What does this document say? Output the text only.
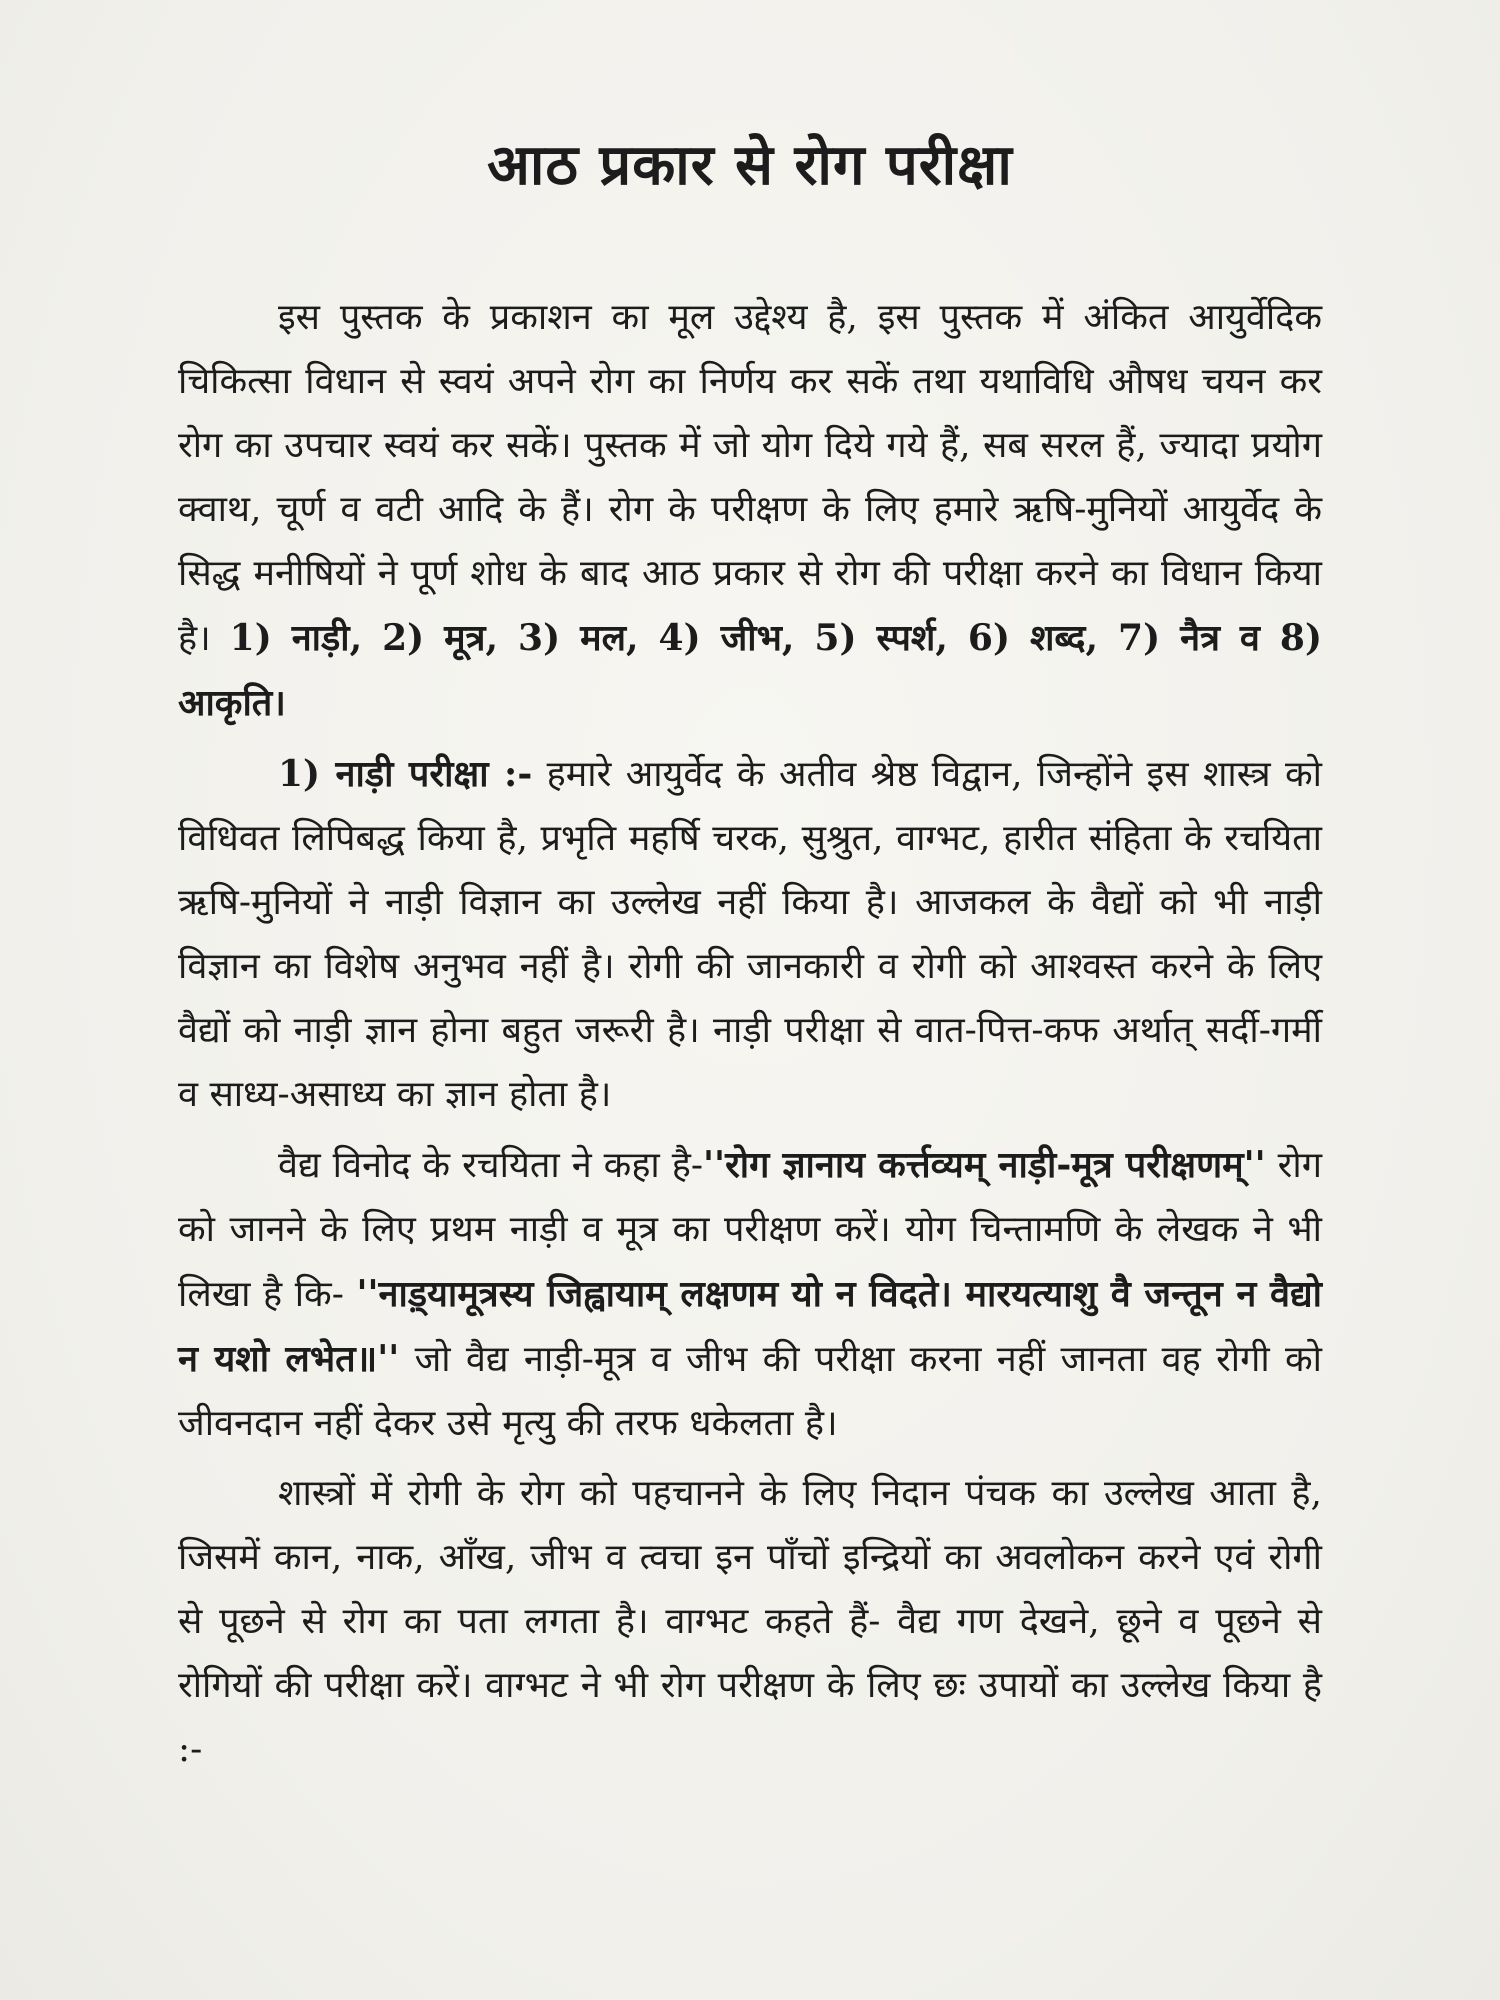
आठ प्रकार से रोग परीक्षा

इस पुस्तक के प्रकाशन का मूल उद्देश्य है, इस पुस्तक में अंकित आयुर्वेदिक चिकित्सा विधान से स्वयं अपने रोग का निर्णय कर सकें तथा यथाविधि औषध चयन कर रोग का उपचार स्वयं कर सकें। पुस्तक में जो योग दिये गये हैं, सब सरल हैं, ज्यादा प्रयोग क्वाथ, चूर्ण व वटी आदि के हैं। रोग के परीक्षण के लिए हमारे ऋषि-मुनियों आयुर्वेद के सिद्ध मनीषियों ने पूर्ण शोध के बाद आठ प्रकार से रोग की परीक्षा करने का विधान किया है। 1) नाड़ी, 2) मूत्र, 3) मल, 4) जीभ, 5) स्पर्श, 6) शब्द, 7) नैत्र व 8) आकृति।

1) नाड़ी परीक्षा :- हमारे आयुर्वेद के अतीव श्रेष्ठ विद्वान, जिन्होंने इस शास्त्र को विधिवत लिपिबद्ध किया है, प्रभृति महर्षि चरक, सुश्रुत, वाग्भट, हारीत संहिता के रचयिता ऋषि-मुनियों ने नाड़ी विज्ञान का उल्लेख नहीं किया है। आजकल के वैद्यों को भी नाड़ी विज्ञान का विशेष अनुभव नहीं है। रोगी की जानकारी व रोगी को आश्वस्त करने के लिए वैद्यों को नाड़ी ज्ञान होना बहुत जरूरी है। नाड़ी परीक्षा से वात-पित्त-कफ अर्थात् सर्दी-गर्मी व साध्य-असाध्य का ज्ञान होता है।

वैद्य विनोद के रचयिता ने कहा है-''रोग ज्ञानाय कर्त्तव्यम् नाड़ी-मूत्र परीक्षणम्'' रोग को जानने के लिए प्रथम नाड़ी व मूत्र का परीक्षण करें। योग चिन्तामणि के लेखक ने भी लिखा है कि- ''नाड़्यामूत्रस्य जिह्वायाम् लक्षणम यो न विदते। मारयत्याशु वै जन्तून न वैद्यो न यशो लभेत॥'' जो वैद्य नाड़ी-मूत्र व जीभ की परीक्षा करना नहीं जानता वह रोगी को जीवनदान नहीं देकर उसे मृत्यु की तरफ धकेलता है।

शास्त्रों में रोगी के रोग को पहचानने के लिए निदान पंचक का उल्लेख आता है, जिसमें कान, नाक, आँख, जीभ व त्वचा इन पाँचों इन्द्रियों का अवलोकन करने एवं रोगी से पूछने से रोग का पता लगता है। वाग्भट कहते हैं- वैद्य गण देखने, छूने व पूछने से रोगियों की परीक्षा करें। वाग्भट ने भी रोग परीक्षण के लिए छः उपायों का उल्लेख किया है :-
